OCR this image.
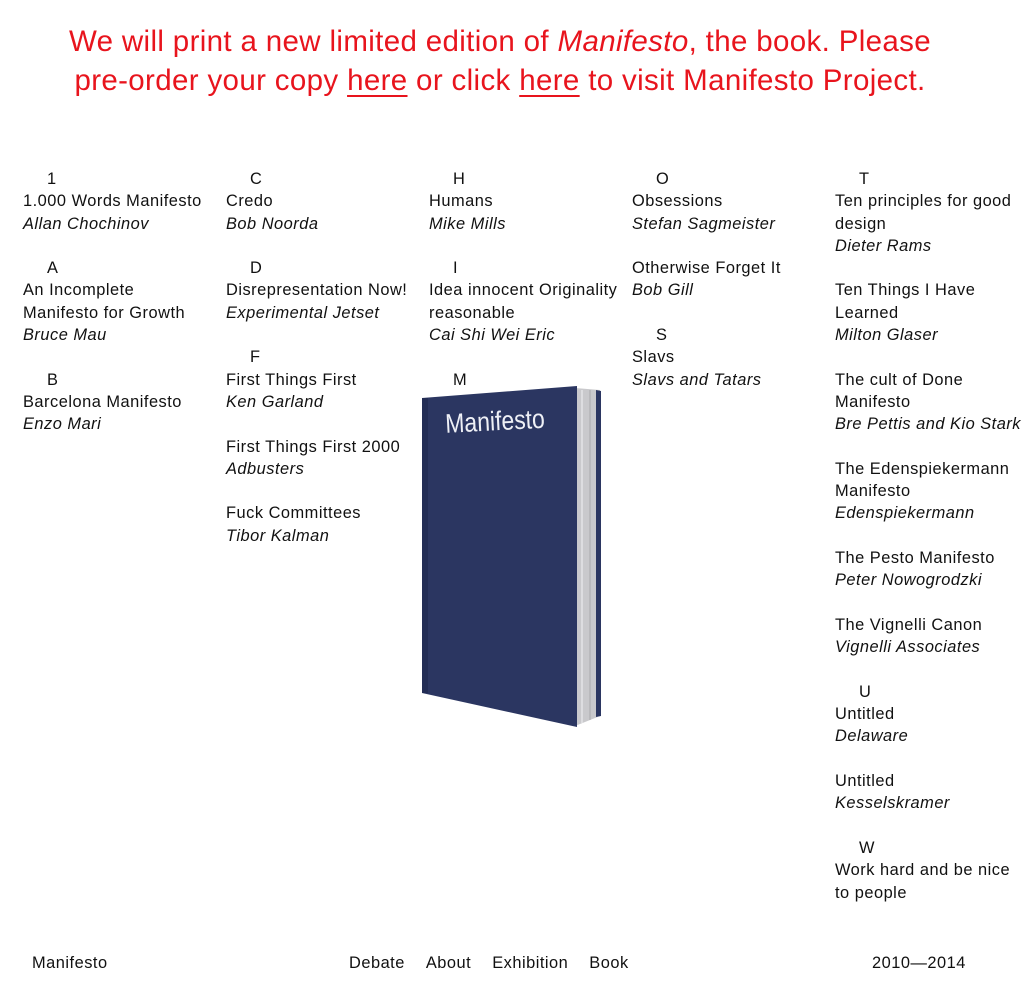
We will print a new limited edition of Manifesto, the book. Please
pre-order your copy here or click here to visit Manifesto Project.
1
1.000 Words Manifesto
Allan Chochinov
A
An Incomplete Manifesto for Growth
Bruce Mau
B
Barcelona Manifesto
Enzo Mari
C
Credo
Bob Noorda
D
Disrepresentation Now!
Experimental Jetset
F
First Things First
Ken Garland
First Things First 2000
Adbusters
Fuck Committees
Tibor Kalman
H
Humans
Mike Mills
I
Idea innocent Originality reasonable
Cai Shi Wei Eric
M
O
Obsessions
Stefan Sagmeister
Otherwise Forget It
Bob Gill
S
Slavs
Slavs and Tatars
T
Ten principles for good design
Dieter Rams
Ten Things I Have Learned
Milton Glaser
The cult of Done Manifesto
Bre Pettis and Kio Stark
The Edenspiekermann Manifesto
Edenspiekermann
The Pesto Manifesto
Peter Nowogrodzki
The Vignelli Canon
Vignelli Associates
U
Untitled
Delaware
Untitled
Kesselskramer
W
Work hard and be nice to people
Manifesto
Manifesto	Debate About Exhibition Book	2010—2014
